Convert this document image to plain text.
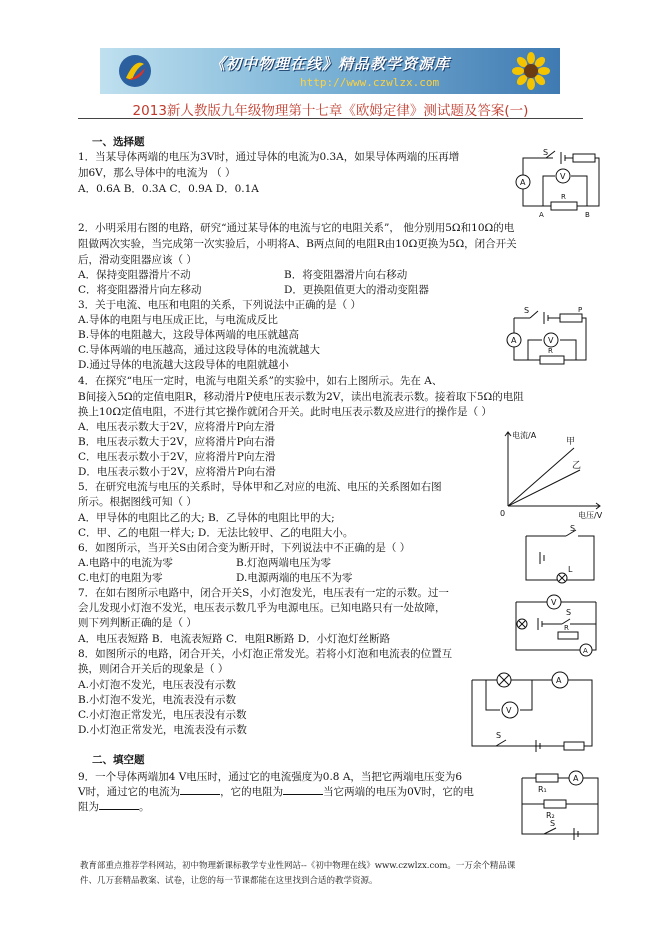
《初中物理在线》精品教学资源库
http://www.czwlzx.com
2013新人教版九年级物理第十七章《欧姆定律》测试题及答案(一)
一、选择题
1．当某导体两端的电压为3V时，通过导体的电流为0.3A，如果导体两端的压再增
加6V，那么导体中的电流为 （ ）
A．0.6A B．0.3A C．0.9A D．0.1A
2．小明采用右图的电路，研究“通过某导体的电流与它的电阻关系”， 他分别用5Ω和10Ω的电
阻做两次实验，当完成第一次实验后，小明将A、B两点间的电阻R由10Ω更换为5Ω，闭合开关
后，滑动变阻器应该（ ）
A．保持变阻器滑片不动	B．将变阻器滑片向右移动
C．将变阻器滑片向左移动	D．更换阻值更大的滑动变阻器
3．关于电流、电压和电阻的关系，下列说法中正确的是（ ）
A.导体的电阻与电压成正比，与电流成反比
B.导体的电阻越大，这段导体两端的电压就越高
C.导体两端的电压越高，通过这段导体的电流就越大
D.通过导体的电流越大这段导体的电阻就越小
4．在探究“电压一定时，电流与电阻关系”的实验中，如右上图所示。先在 A、
B间接入5Ω的定值电阻R，移动滑片P使电压表示数为2V，读出电流表示数。接着取下5Ω的电阻
换上10Ω定值电阻，不进行其它操作就闭合开关。此时电压表示数及应进行的操作是（ ）
A．电压表示数大于2V，应将滑片P向左滑
B．电压表示数大于2V，应将滑片P向右滑
C．电压表示数小于2V，应将滑片P向左滑
D．电压表示数小于2V，应将滑片P向右滑
5．在研究电流与电压的关系时，导体甲和乙对应的电流、电压的关系图如右图
所示。根据图线可知（ ）
A．甲导体的电阻比乙的大; B．乙导体的电阻比甲的大;
C．甲、乙的电阻一样大; D．无法比较甲、乙的电阻大小。
6．如图所示，当开关S由闭合变为断开时，下列说法中不正确的是（ ）
A.电路中的电流为零	B.灯泡两端电压为零
C.电灯的电阻为零	D.电源两端的电压不为零
7．在如右图所示电路中，闭合开关S，小灯泡发光，电压表有一定的示数。过一
会儿发现小灯泡不发光，电压表示数几乎为电源电压。已知电路只有一处故障，
则下列判断正确的是（ ）
A．电压表短路 B．电流表短路 C．电阻R断路 D．小灯泡灯丝断路
8．如图所示的电路，闭合开关，小灯泡正常发光。若将小灯泡和电流表的位置互
换，则闭合开关后的现象是（ ）
A.小灯泡不发光，电压表没有示数
B.小灯泡不发光，电流表没有示数
C.小灯泡正常发光，电压表没有示数
D.小灯泡正常发光，电流表没有示数
二、填空题
9．一个导体两端加4 V电压时，通过它的电流强度为0.8 A，当把它两端电压变为6
V时，通过它的电流为	，它的电阻为	当它两端的电压为0V时，它的电
阻为	。
S
A
V
R
A	B
S	P
A	V
R
电流/A
电压/V
0
甲
乙
S
L
V
S
R
A
A
V
S
R₁
A
R₂
S
教育部重点推荐学科网站，初中物理新课标教学专业性网站--《初中物理在线》www.czwlzx.com。一万余个精品课
件、几万套精品教案、试卷，让您的每一节课都能在这里找到合适的教学资源。
